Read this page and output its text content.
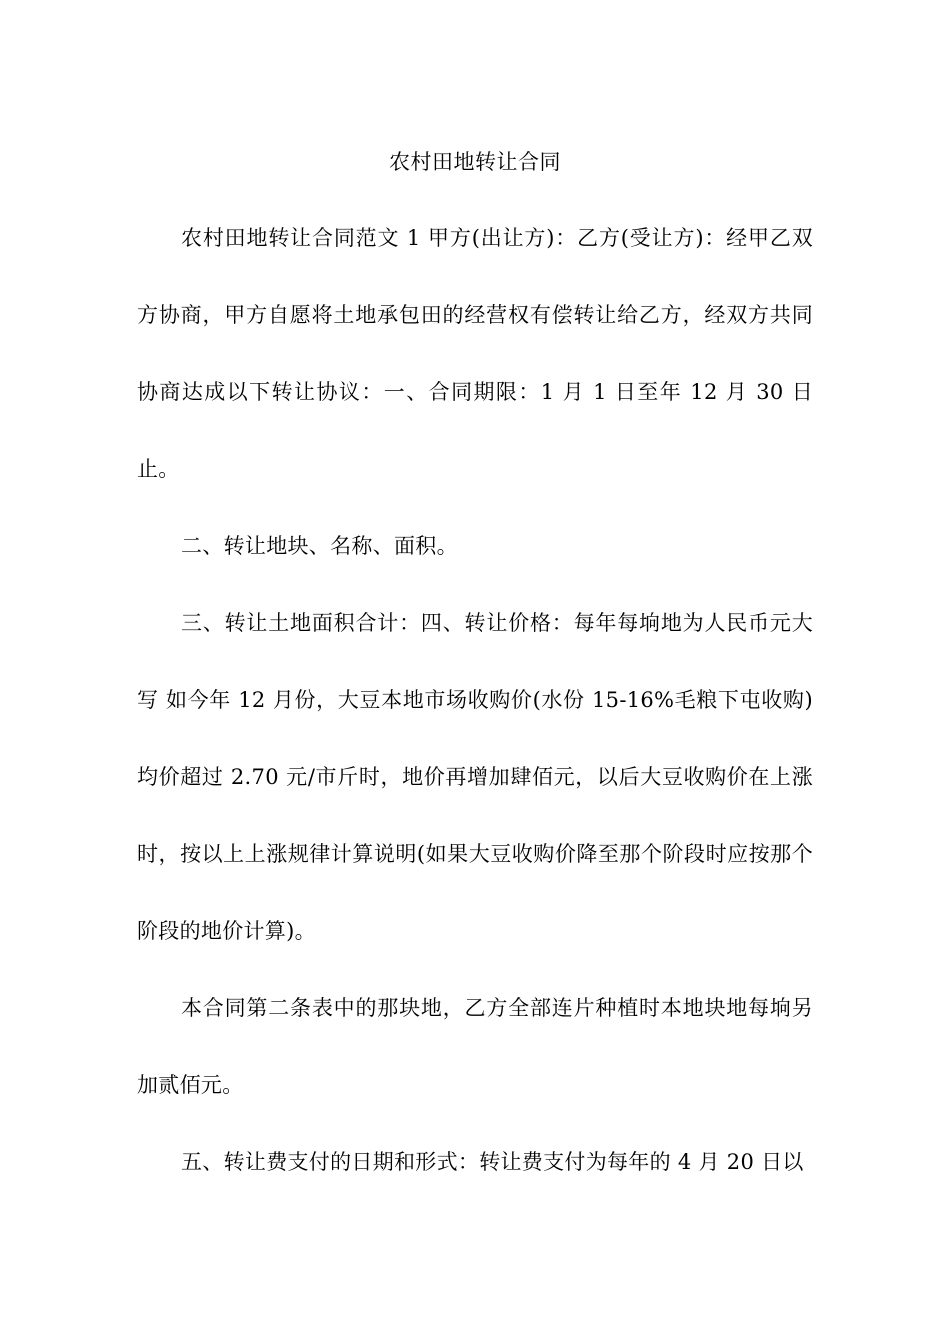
农村田地转让合同

农村田地转让合同范文 1 甲方(出让方)：乙方(受让方)：经甲乙双方协商，甲方自愿将土地承包田的经营权有偿转让给乙方，经双方共同协商达成以下转让协议：一、合同期限：1 月 1 日至年 12 月 30 日止。

二、转让地块、名称、面积。

三、转让土地面积合计：四、转让价格：每年每垧地为人民币元大写 如今年 12 月份，大豆本地市场收购价(水份 15-16%毛粮下屯收购)均价超过 2.70 元/市斤时，地价再增加肆佰元，以后大豆收购价在上涨时，按以上上涨规律计算说明(如果大豆收购价降至那个阶段时应按那个阶段的地价计算)。

本合同第二条表中的那块地，乙方全部连片种植时本地块地每垧另加贰佰元。

五、转让费支付的日期和形式：转让费支付为每年的 4 月 20 日以
